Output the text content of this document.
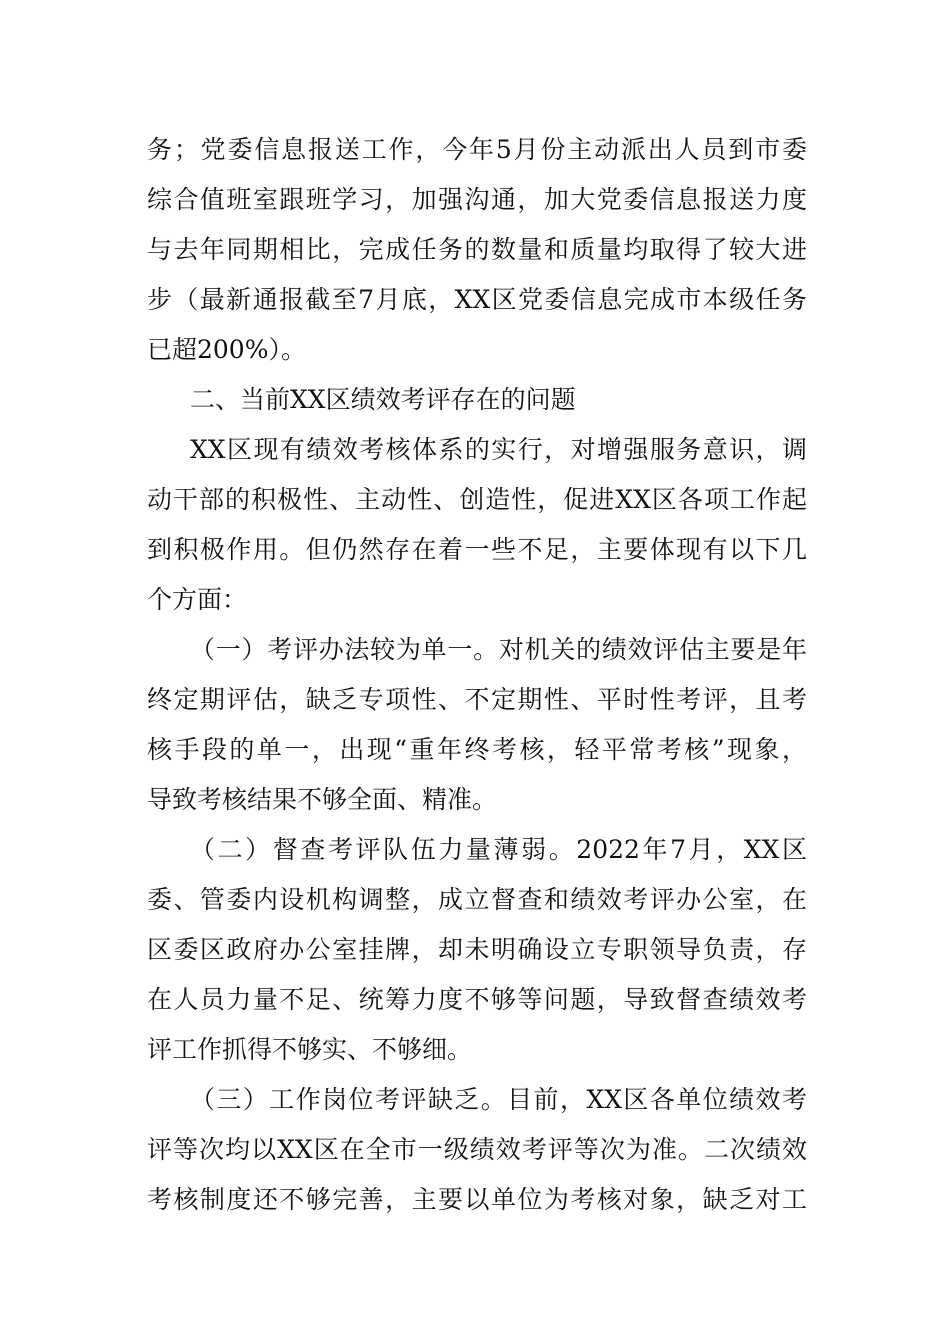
务；党委信息报送工作，今年5月份主动派出人员到市委
综合值班室跟班学习，加强沟通，加大党委信息报送力度
与去年同期相比，完成任务的数量和质量均取得了较大进
步（最新通报截至7月底，XX区党委信息完成市本级任务
已超200%）。
二、当前XX区绩效考评存在的问题
XX区现有绩效考核体系的实行，对增强服务意识，调
动干部的积极性、主动性、创造性，促进XX区各项工作起
到积极作用。但仍然存在着一些不足，主要体现有以下几
个方面：
（一）考评办法较为单一。对机关的绩效评估主要是年
终定期评估，缺乏专项性、不定期性、平时性考评，且考
核手段的单一，出现“重年终考核，轻平常考核”现象，
导致考核结果不够全面、精准。
（二）督查考评队伍力量薄弱。2022年7月，XX区
委、管委内设机构调整，成立督查和绩效考评办公室，在
区委区政府办公室挂牌，却未明确设立专职领导负责，存
在人员力量不足、统筹力度不够等问题，导致督查绩效考
评工作抓得不够实、不够细。
（三）工作岗位考评缺乏。目前，XX区各单位绩效考
评等次均以XX区在全市一级绩效考评等次为准。二次绩效
考核制度还不够完善，主要以单位为考核对象，缺乏对工
